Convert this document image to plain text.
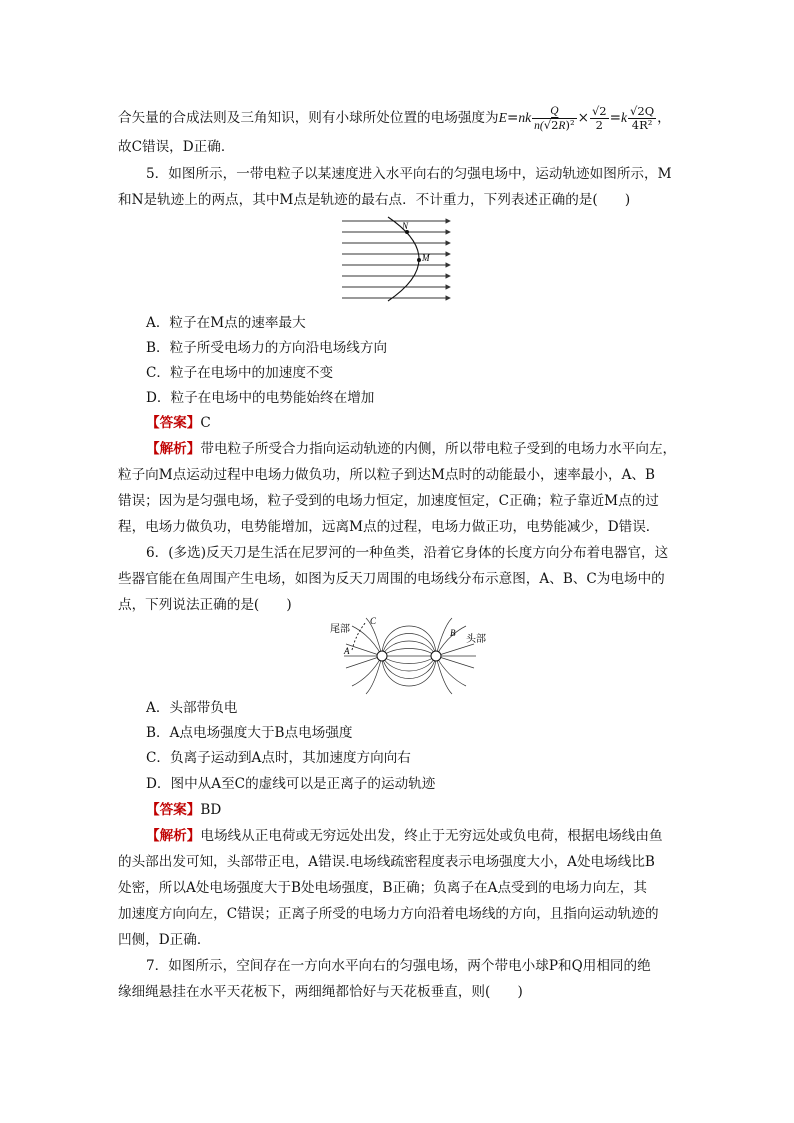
合矢量的合成法则及三角知识，则有小球所处位置的电场强度为$E=nk \frac{Q}{\text{n(√2R)²}} \times \frac{√2}{2} =k \frac{√2Q}{\text{4R²}}$ ，
故C错误，D正确．
5．如图所示，一带电粒子以某速度进入水平向右的匀强电场中，运动轨迹如图所示，M
和N是轨迹上的两点，其中M点是轨迹的最右点．不计重力，下列表述正确的是(　　)
N
M
A．粒子在M点的速率最大
B．粒子所受电场力的方向沿电场线方向
C．粒子在电场中的加速度不变
D．粒子在电场中的电势能始终在增加
【答案】C
【解析】带电粒子所受合力指向运动轨迹的内侧，所以带电粒子受到的电场力水平向左，
粒子向M点运动过程中电场力做负功，所以粒子到达M点时的动能最小，速率最小，A、B
错误；因为是匀强电场，粒子受到的电场力恒定，加速度恒定，C正确；粒子靠近M点的过
程，电场力做负功，电势能增加，远离M点的过程，电场力做正功，电势能减少，D错误．
6．(多选)反天刀是生活在尼罗河的一种鱼类，沿着它身体的长度方向分布着电器官，这
些器官能在鱼周围产生电场，如图为反天刀周围的电场线分布示意图，A、B、C为电场中的
点，下列说法正确的是(　　)
尾部
头部
A
B
C
A．头部带负电
B．A点电场强度大于B点电场强度
C．负离子运动到A点时，其加速度方向向右
D．图中从A至C的虚线可以是正离子的运动轨迹
【答案】BD
【解析】电场线从正电荷或无穷远处出发，终止于无穷远处或负电荷，根据电场线由鱼
的头部出发可知，头部带正电，A错误.电场线疏密程度表示电场强度大小，A处电场线比B
处密，所以A处电场强度大于B处电场强度，B正确；负离子在A点受到的电场力向左，其
加速度方向向左，C错误；正离子所受的电场力方向沿着电场线的方向，且指向运动轨迹的
凹侧，D正确．
7．如图所示，空间存在一方向水平向右的匀强电场，两个带电小球P和Q用相同的绝
缘细绳悬挂在水平天花板下，两细绳都恰好与天花板垂直，则(　　)
